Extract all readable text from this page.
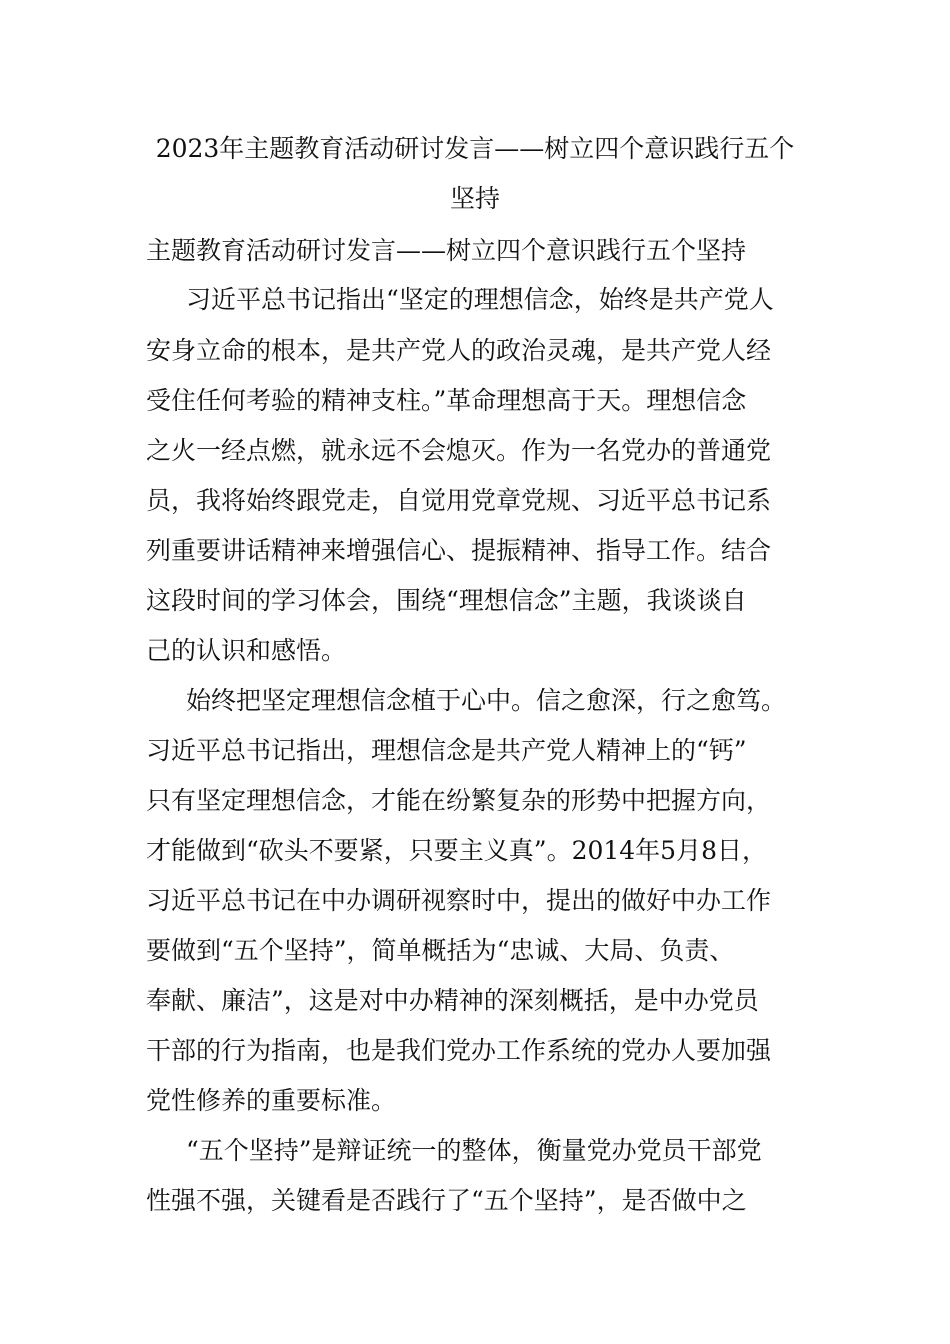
2023年主题教育活动研讨发言——树立四个意识践行五个
坚持

主题教育活动研讨发言——树立四个意识践行五个坚持

习近平总书记指出“坚定的理想信念，始终是共产党人

安身立命的根本，是共产党人的政治灵魂，是共产党人经

受住任何考验的精神支柱。”革命理想高于天。理想信念

之火一经点燃，就永远不会熄灭。作为一名党办的普通党

员，我将始终跟党走，自觉用党章党规、习近平总书记系

列重要讲话精神来增强信心、提振精神、指导工作。结合

这段时间的学习体会，围绕“理想信念”主题，我谈谈自

己的认识和感悟。

始终把坚定理想信念植于心中。信之愈深，行之愈笃。

习近平总书记指出，理想信念是共产党人精神上的“钙”

只有坚定理想信念，才能在纷繁复杂的形势中把握方向，

才能做到“砍头不要紧，只要主义真”。2014年5月8日，

习近平总书记在中办调研视察时中，提出的做好中办工作

要做到“五个坚持”，简单概括为“忠诚、大局、负责、

奉献、廉洁”，这是对中办精神的深刻概括，是中办党员

干部的行为指南，也是我们党办工作系统的党办人要加强

党性修养的重要标准。

“五个坚持”是辩证统一的整体，衡量党办党员干部党

性强不强，关键看是否践行了“五个坚持”，是否做中之
